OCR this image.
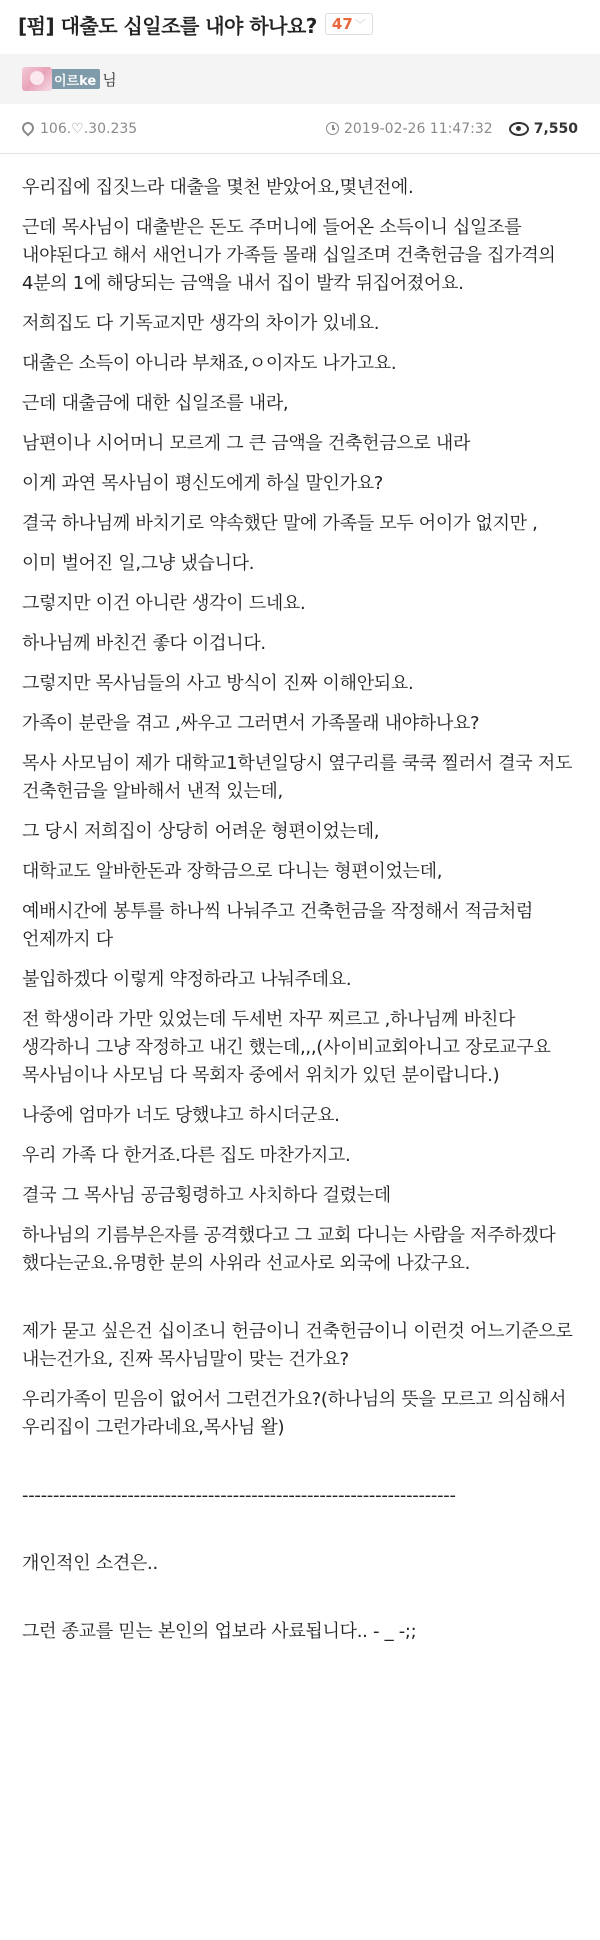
[펌] 대출도 십일조를 내야 하나요? 47 ﹀
이르ke 님
106.♡.30.235	2019-02-26 11:47:32	7,550

우리집에 집짓느라 대출을 몇천 받았어요,몇년전에.

근데 목사님이 대출받은 돈도 주머니에 들어온 소득이니 십일조를 내야된다고 해서 새언니가 가족들 몰래 십일조며 건축헌금을 집가격의 4분의 1에 해당되는 금액을 내서 집이 발칵 뒤집어졌어요.

저희집도 다 기독교지만 생각의 차이가 있네요.

대출은 소득이 아니라 부채죠,ㅇ이자도 나가고요.

근데 대출금에 대한 십일조를 내라,

남편이나 시어머니 모르게 그 큰 금액을 건축헌금으로 내라

이게 과연 목사님이 평신도에게 하실 말인가요?

결국 하나님께 바치기로 약속했단 말에 가족들 모두 어이가 없지만 ,

이미 벌어진 일,그냥 냈습니다.

그렇지만 이건 아니란 생각이 드네요.

하나님께 바친건 좋다 이겁니다.

그렇지만 목사님들의 사고 방식이 진짜 이해안되요.

가족이 분란을 겪고 ,싸우고 그러면서 가족몰래 내야하나요?

목사 사모님이 제가 대학교1학년일당시 옆구리를 쿡쿡 찔러서 결국 저도 건축헌금을 알바해서 낸적 있는데,

그 당시 저희집이 상당히 어려운 형편이었는데,

대학교도 알바한돈과 장학금으로 다니는 형편이었는데,

예배시간에 봉투를 하나씩 나눠주고 건축헌금을 작정해서 적금처럼 언제까지 다

불입하겠다 이렇게 약정하라고 나눠주데요.

전 학생이라 가만 있었는데 두세번 자꾸 찌르고 ,하나님께 바친다 생각하니 그냥 작정하고 내긴 했는데,,,(사이비교회아니고 장로교구요 목사님이나 사모님 다 목회자 중에서 위치가 있던 분이랍니다.)

나중에 엄마가 너도 당했냐고 하시더군요.

우리 가족 다 한거죠.다른 집도 마찬가지고.

결국 그 목사님 공금횡령하고 사치하다 걸렸는데

하나님의 기름부은자를 공격했다고 그 교회 다니는 사람을 저주하겠다 했다는군요.유명한 분의 사위라 선교사로 외국에 나갔구요.

제가 묻고 싶은건 십이조니 헌금이니 건축헌금이니 이런것 어느기준으로 내는건가요, 진짜 목사님말이 맞는 건가요?

우리가족이 믿음이 없어서 그런건가요?(하나님의 뜻을 모르고 의심해서 우리집이 그런가라네요,목사님 왈)

----------------------------------------------------------------------

개인적인 소견은..

그런 종교를 믿는 본인의 업보라 사료됩니다.. - _ -;;
